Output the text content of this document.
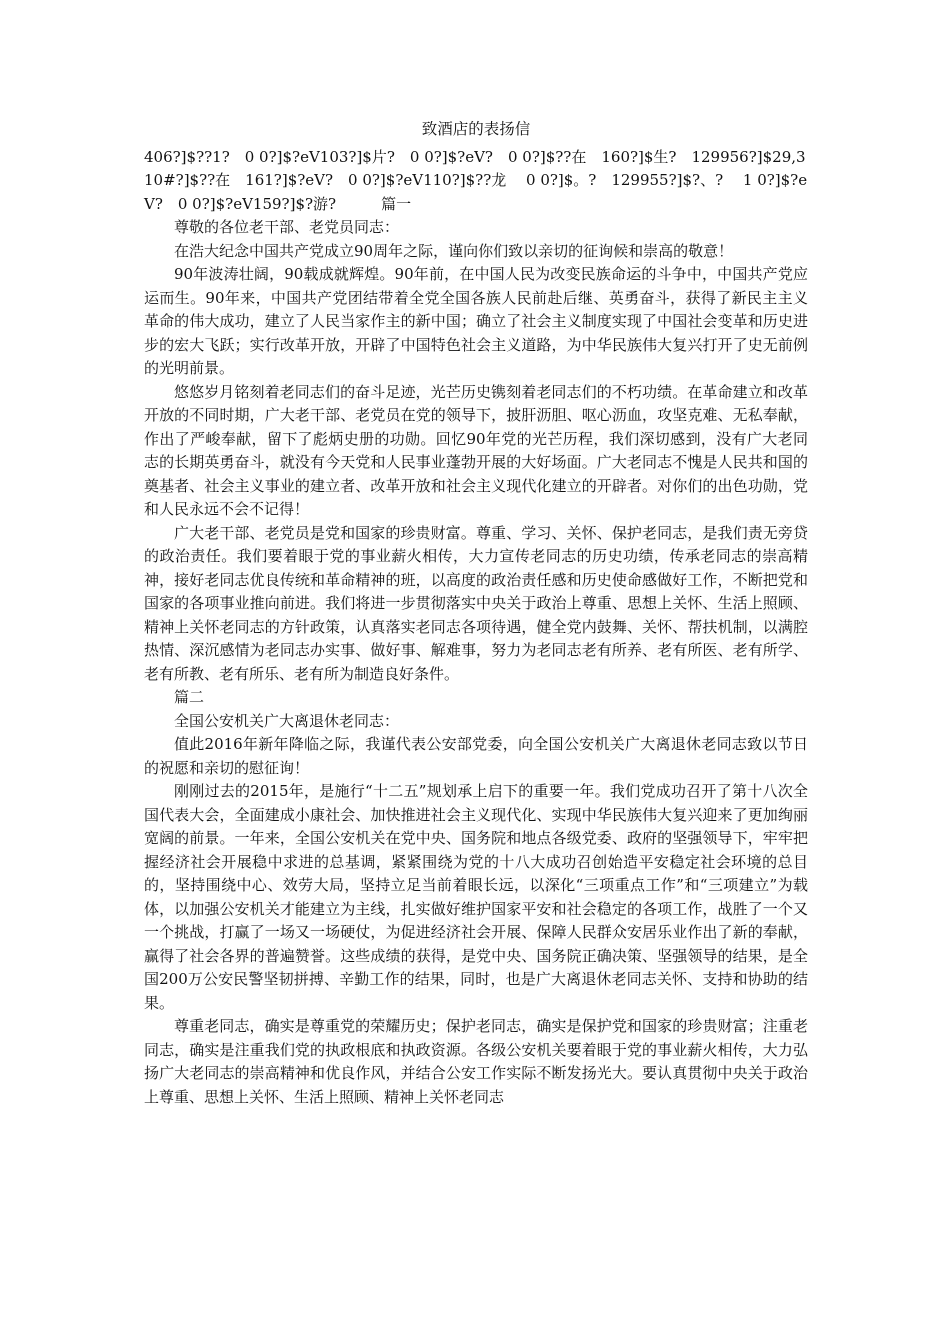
致酒店的表扬信

406?]$??1?　0 0?]$?eV103?]$片?　0 0?]$?eV?　0 0?]$??在　160?]$生?　129956?]$29,310#?]$??在　161?]$?eV?　0 0?]$?eV110?]$??龙　 0 0?]$。?　129955?]$?、?　 1 0?]$?eV?　0 0?]$?eV159?]$?游?　　　篇一

尊敬的各位老干部、老党员同志：

在浩大纪念中国共产党成立90周年之际，谨向你们致以亲切的征询候和崇高的敬意！

90年波涛壮阔，90载成就辉煌。90年前，在中国人民为改变民族命运的斗争中，中国共产党应运而生。90年来，中国共产党团结带着全党全国各族人民前赴后继、英勇奋斗，获得了新民主主义革命的伟大成功，建立了人民当家作主的新中国；确立了社会主义制度实现了中国社会变革和历史进步的宏大飞跃；实行改革开放，开辟了中国特色社会主义道路，为中华民族伟大复兴打开了史无前例的光明前景。

悠悠岁月铭刻着老同志们的奋斗足迹，光芒历史镌刻着老同志们的不朽功绩。在革命建立和改革开放的不同时期，广大老干部、老党员在党的领导下，披肝沥胆、呕心沥血，攻坚克难、无私奉献，作出了严峻奉献，留下了彪炳史册的功勋。回忆90年党的光芒历程，我们深切感到，没有广大老同志的长期英勇奋斗，就没有今天党和人民事业蓬勃开展的大好场面。广大老同志不愧是人民共和国的奠基者、社会主义事业的建立者、改革开放和社会主义现代化建立的开辟者。对你们的出色功勋，党和人民永远不会不记得！

广大老干部、老党员是党和国家的珍贵财富。尊重、学习、关怀、保护老同志，是我们责无旁贷的政治责任。我们要着眼于党的事业薪火相传，大力宣传老同志的历史功绩，传承老同志的崇高精神，接好老同志优良传统和革命精神的班，以高度的政治责任感和历史使命感做好工作，不断把党和国家的各项事业推向前进。我们将进一步贯彻落实中央关于政治上尊重、思想上关怀、生活上照顾、精神上关怀老同志的方针政策，认真落实老同志各项待遇，健全党内鼓舞、关怀、帮扶机制，以满腔热情、深沉感情为老同志办实事、做好事、解难事，努力为老同志老有所养、老有所医、老有所学、老有所教、老有所乐、老有所为制造良好条件。

篇二

全国公安机关广大离退休老同志：

值此2016年新年降临之际，我谨代表公安部党委，向全国公安机关广大离退休老同志致以节日的祝愿和亲切的慰征询！

刚刚过去的2015年，是施行“十二五”规划承上启下的重要一年。我们党成功召开了第十八次全国代表大会，全面建成小康社会、加快推进社会主义现代化、实现中华民族伟大复兴迎来了更加绚丽宽阔的前景。一年来，全国公安机关在党中央、国务院和地点各级党委、政府的坚强领导下，牢牢把握经济社会开展稳中求进的总基调，紧紧围绕为党的十八大成功召创始造平安稳定社会环境的总目的，坚持围绕中心、效劳大局，坚持立足当前着眼长远，以深化“三项重点工作”和“三项建立”为载体，以加强公安机关才能建立为主线，扎实做好维护国家平安和社会稳定的各项工作，战胜了一个又一个挑战，打赢了一场又一场硬仗，为促进经济社会开展、保障人民群众安居乐业作出了新的奉献，赢得了社会各界的普遍赞誉。这些成绩的获得，是党中央、国务院正确决策、坚强领导的结果，是全国200万公安民警坚韧拼搏、辛勤工作的结果，同时，也是广大离退休老同志关怀、支持和协助的结果。

尊重老同志，确实是尊重党的荣耀历史；保护老同志，确实是保护党和国家的珍贵财富；注重老同志，确实是注重我们党的执政根底和执政资源。各级公安机关要着眼于党的事业薪火相传，大力弘扬广大老同志的崇高精神和优良作风，并结合公安工作实际不断发扬光大。要认真贯彻中央关于政治上尊重、思想上关怀、生活上照顾、精神上关怀老同志
